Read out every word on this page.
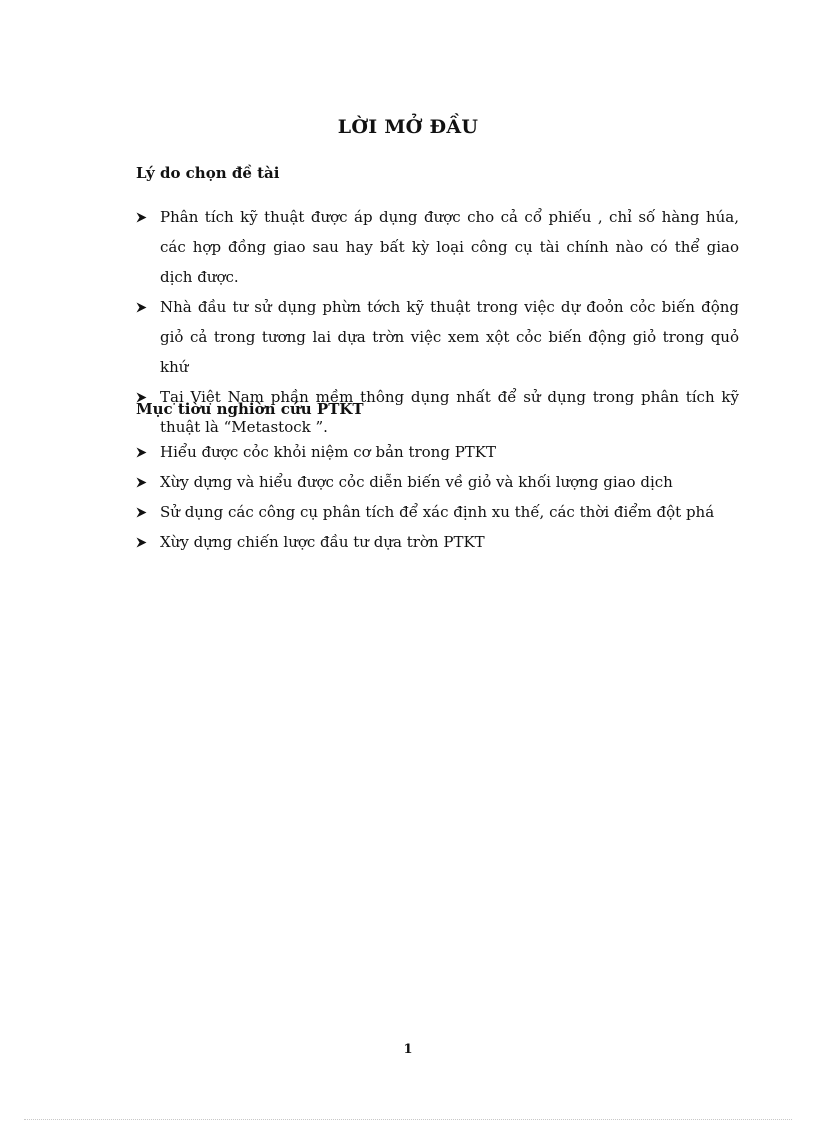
LỜI MỞ ĐẦU
Lý do chọn đề tài
Phân tích kỹ thuật được áp dụng được cho cả cổ phiếu , chỉ số hàng húa, các hợp đồng giao sau hay bất kỳ loại công cụ tài chính nào có thể giao dịch được.
Nhà đầu tư sử dụng phừn tớch kỹ thuật trong việc dự đoỏn cỏc biến động giỏ cả trong tương lai dựa trờn việc xem xột cỏc biến động giỏ trong quỏ khứ
Tại Việt Nam phần mềm thông dụng nhất để sử dụng trong phân tích kỹ thuật là “Metastock ”.
Mục tiờu nghiờn cứu PTKT
Hiểu được cỏc khỏi niệm cơ bản trong PTKT
Xừy dựng và hiểu được cỏc diễn biến về giỏ và khối lượng giao dịch
Sử dụng các công cụ phân tích để xác định xu thế, các thời điểm đột phá
Xừy dựng chiến lược đầu tư dựa trờn PTKT
1
